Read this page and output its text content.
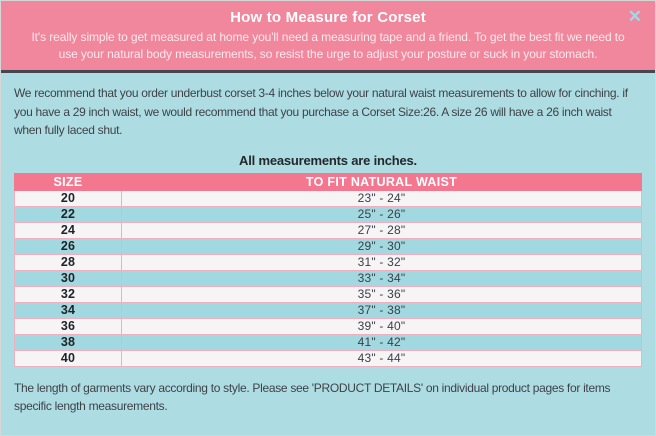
How to Measure for Corset

It's really simple to get measured at home you'll need a measuring tape and a friend. To get the best fit we need to use your natural body measurements, so resist the urge to adjust your posture or suck in your stomach.

✕

We recommend that you order underbust corset 3-4 inches below your natural waist measurements to allow for cinching. if you have a 29 inch waist, we would recommend that you purchase a Corset Size:26. A size 26 will have a 26 inch waist when fully laced shut.

All measurements are inches.

SIZE	TO FIT NATURAL WAIST
20	23" - 24"
22	25" - 26"
24	27" - 28"
26	29" - 30"
28	31" - 32"
30	33" - 34"
32	35" - 36"
34	37" - 38"
36	39" - 40"
38	41" - 42"
40	43" - 44"

The length of garments vary according to style. Please see 'PRODUCT DETAILS' on individual product pages for items specific length measurements.
